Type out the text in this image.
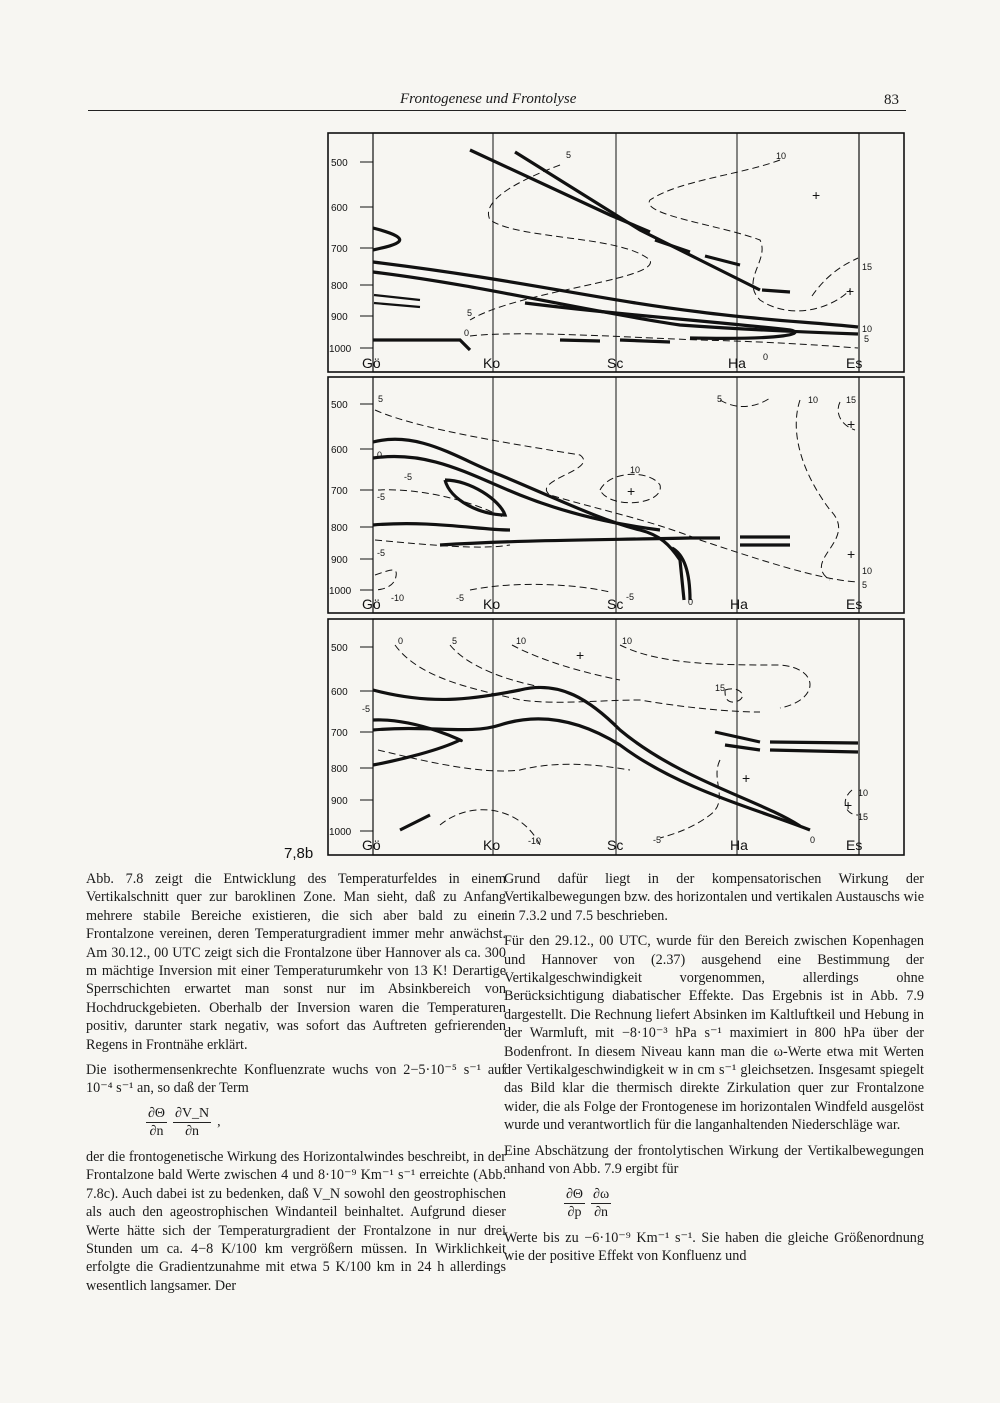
Frontogenese und Frontolyse	83
500
600
700
800
900
1000
Gö	Ko	Sc	Ha	Es
5	10
15
5
0	10
5
0
+
+
500
600
700
800
900
1000
Gö	Ko	Sc	Ha	Es
5	5	10	15
0
-5
-5
10
-5
-10	-5	-5	0
10
5
+
+
+
500
600
700
800
900
1000
Gö	Ko	Sc	Ha	Es
0	5	10	10
15
-5
10
15
-10	-5	0
+
+
+
7,8b

Abb. 7.8 zeigt die Entwicklung des Temperaturfeldes in einem Vertikalschnitt quer zur baroklinen Zone. Man sieht, daß zu Anfang mehrere stabile Bereiche existieren, die sich aber bald zu einer Frontalzone vereinen, deren Temperaturgradient immer mehr anwächst. Am 30.12., 00 UTC zeigt sich die Frontalzone über Hannover als ca. 300 m mächtige Inversion mit einer Temperaturumkehr von 13 K! Derartige Sperrschichten erwartet man sonst nur im Absinkbereich von Hochdruckgebieten. Oberhalb der Inversion waren die Temperaturen positiv, darunter stark negativ, was sofort das Auftreten gefrierenden Regens in Frontnähe erklärt.

Die isothermensenkrechte Konfluenzrate wuchs von 2−5·10⁻⁵ s⁻¹ auf 10⁻⁴ s⁻¹ an, so daß der Term

$\frac{\partial\Theta}{\partial n} \frac{\partial V\_N}{\partial n}$ ,

der die frontogenetische Wirkung des Horizontalwindes beschreibt, in der Frontalzone bald Werte zwischen 4 und 8·10⁻⁹ Km⁻¹ s⁻¹ erreichte (Abb. 7.8c). Auch dabei ist zu bedenken, daß V_N sowohl den geostrophischen als auch den ageostrophischen Windanteil beinhaltet. Aufgrund dieser Werte hätte sich der Temperaturgradient der Frontalzone in nur drei Stunden um ca. 4−8 K/100 km vergrößern müssen. In Wirklichkeit erfolgte die Gradientzunahme mit etwa 5 K/100 km in 24 h allerdings wesentlich langsamer. Der

Grund dafür liegt in der kompensatorischen Wirkung der Vertikalbewegungen bzw. des horizontalen und vertikalen Austauschs wie in 7.3.2 und 7.5 beschrieben.

Für den 29.12., 00 UTC, wurde für den Bereich zwischen Kopenhagen und Hannover von (2.37) ausgehend eine Bestimmung der Vertikalgeschwindigkeit vorgenommen, allerdings ohne Berücksichtigung diabatischer Effekte. Das Ergebnis ist in Abb. 7.9 dargestellt. Die Rechnung liefert Absinken im Kaltluftkeil und Hebung in der Warmluft, mit −8·10⁻³ hPa s⁻¹ maximiert in 800 hPa über der Bodenfront. In diesem Niveau kann man die ω-Werte etwa mit Werten der Vertikalgeschwindigkeit w in cm s⁻¹ gleichsetzen. Insgesamt spiegelt das Bild klar die thermisch direkte Zirkulation quer zur Frontalzone wider, die als Folge der Frontogenese im horizontalen Windfeld ausgelöst wurde und verantwortlich für die langanhaltenden Niederschläge war.

Eine Abschätzung der frontolytischen Wirkung der Vertikalbewegungen anhand von Abb. 7.9 ergibt für

$\frac{\partial\Theta}{\partial p} \frac{\partial\omega}{\partial n}$

Werte bis zu −6·10⁻⁹ Km⁻¹ s⁻¹. Sie haben die gleiche Größenordnung wie der positive Effekt von Konfluenz und
